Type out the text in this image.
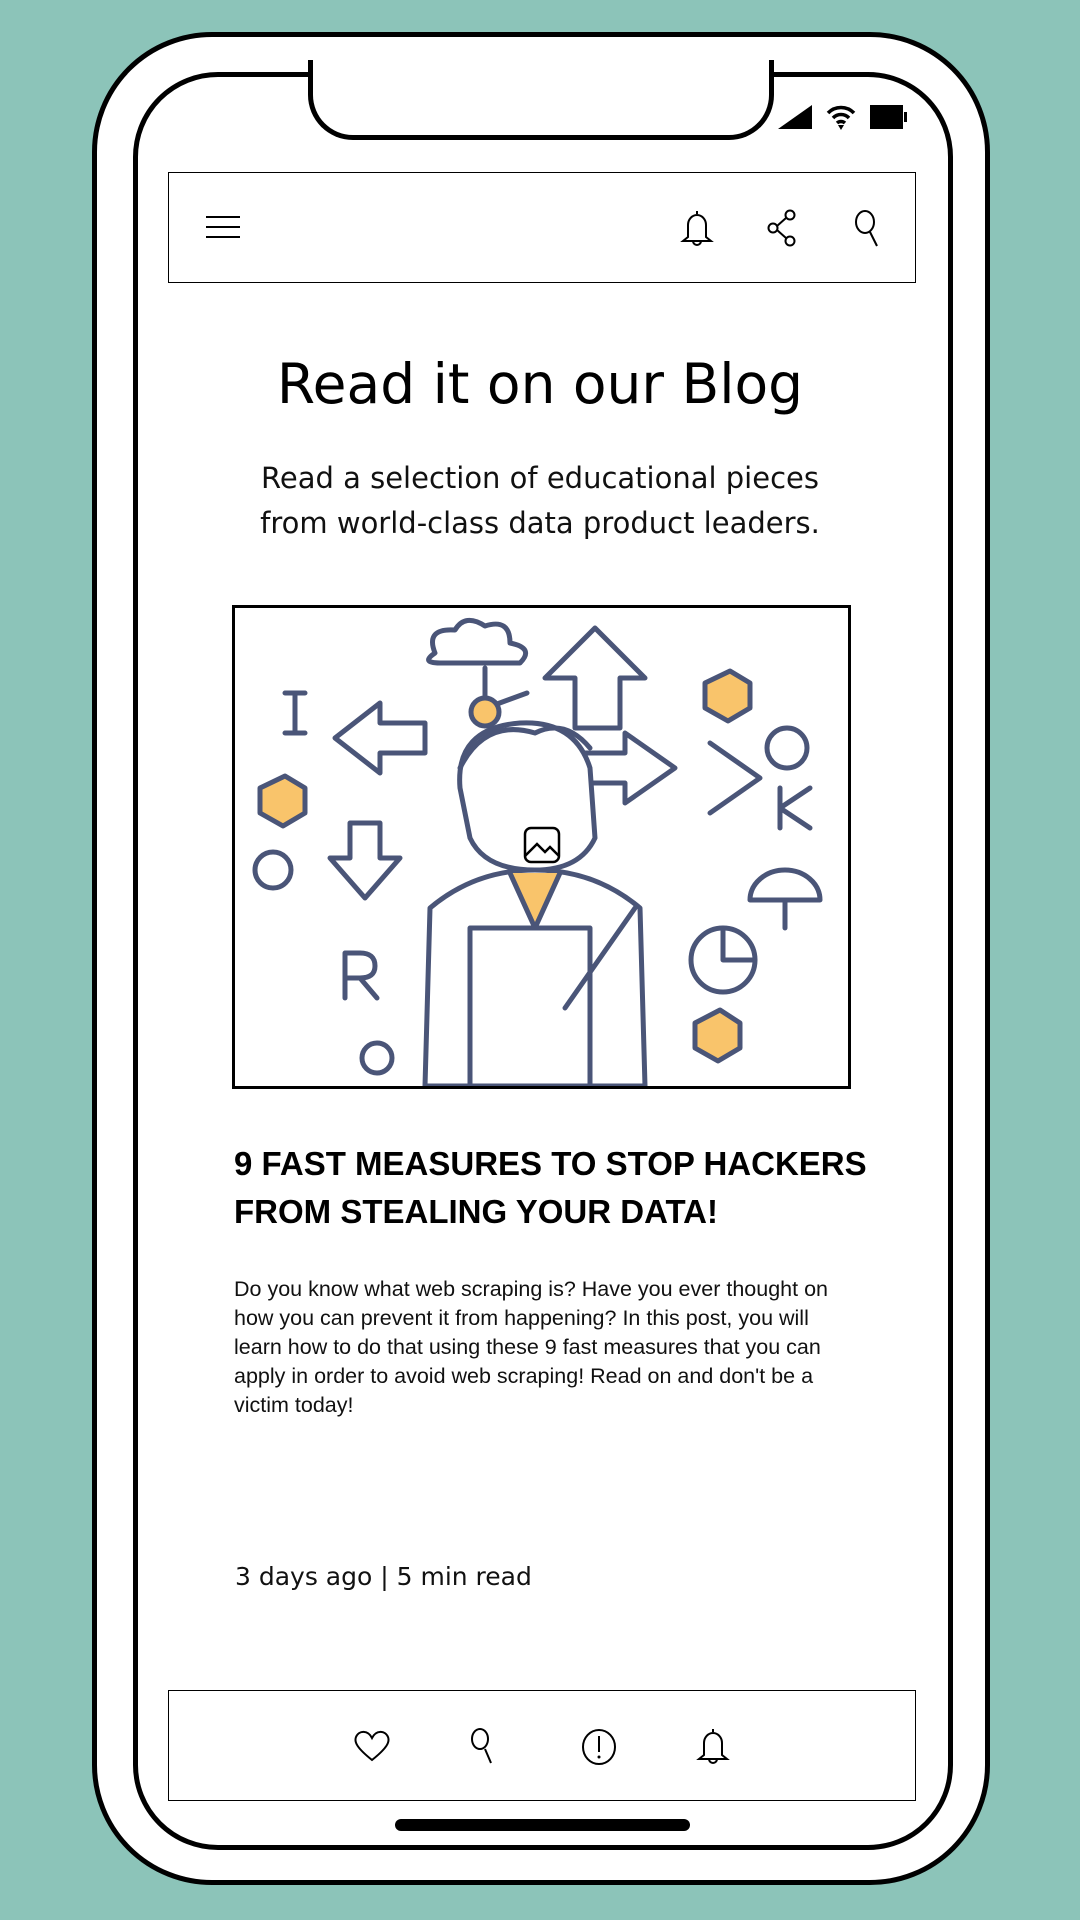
Read it on our Blog
Read a selection of educational pieces
from world-class data product leaders.
9 FAST MEASURES TO STOP HACKERS
FROM STEALING YOUR DATA!
Do you know what web scraping is? Have you ever thought on how you can prevent it from happening? In this post, you will learn how to do that using these 9 fast measures that you can apply in order to avoid web scraping! Read on and don't be a victim today!
3 days ago | 5 min read
